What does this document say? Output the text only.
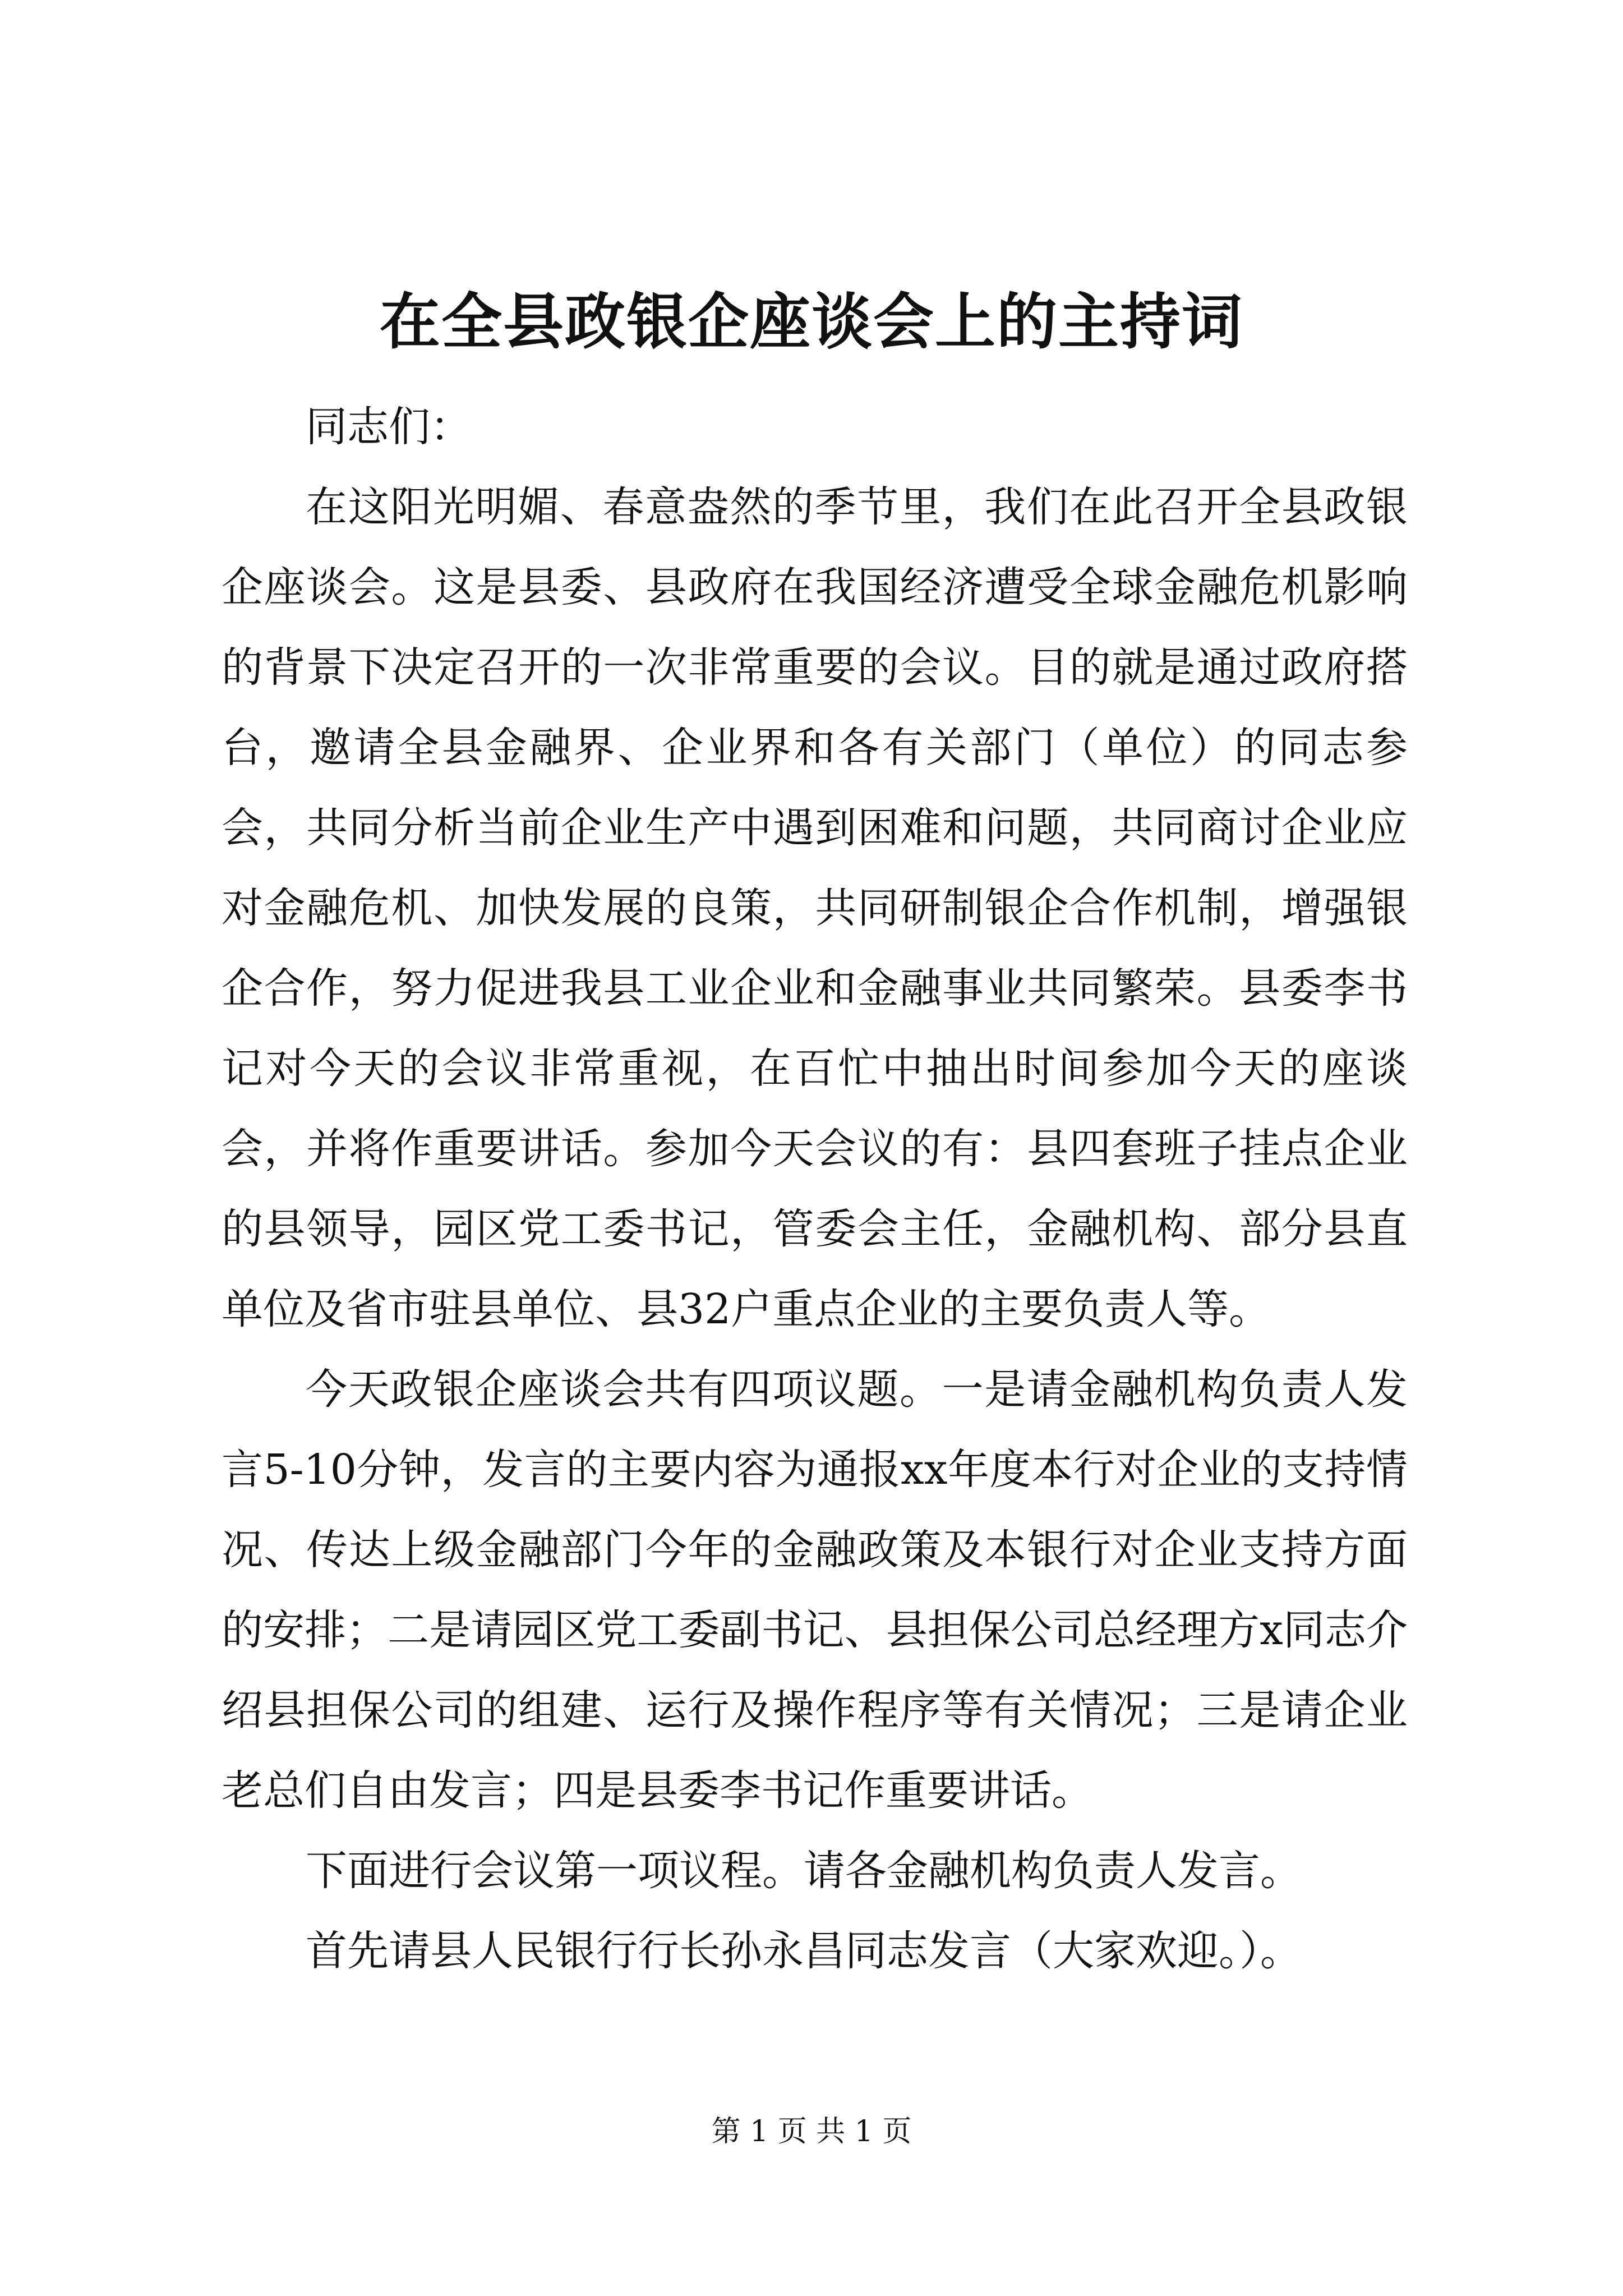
在全县政银企座谈会上的主持词

同志们：

在这阳光明媚、春意盎然的季节里，我们在此召开全县政银企座谈会。这是县委、县政府在我国经济遭受全球金融危机影响的背景下决定召开的一次非常重要的会议。目的就是通过政府搭台，邀请全县金融界、企业界和各有关部门（单位）的同志参会，共同分析当前企业生产中遇到困难和问题，共同商讨企业应对金融危机、加快发展的良策，共同研制银企合作机制，增强银企合作，努力促进我县工业企业和金融事业共同繁荣。县委李书记对今天的会议非常重视，在百忙中抽出时间参加今天的座谈会，并将作重要讲话。参加今天会议的有：县四套班子挂点企业的县领导，园区党工委书记，管委会主任，金融机构、部分县直单位及省市驻县单位、县32户重点企业的主要负责人等。

今天政银企座谈会共有四项议题。一是请金融机构负责人发言5-10分钟，发言的主要内容为通报xx年度本行对企业的支持情况、传达上级金融部门今年的金融政策及本银行对企业支持方面的安排；二是请园区党工委副书记、县担保公司总经理方x同志介绍县担保公司的组建、运行及操作程序等有关情况；三是请企业老总们自由发言；四是县委李书记作重要讲话。

下面进行会议第一项议程。请各金融机构负责人发言。

首先请县人民银行行长孙永昌同志发言（大家欢迎。）。

第 1 页 共 1 页
